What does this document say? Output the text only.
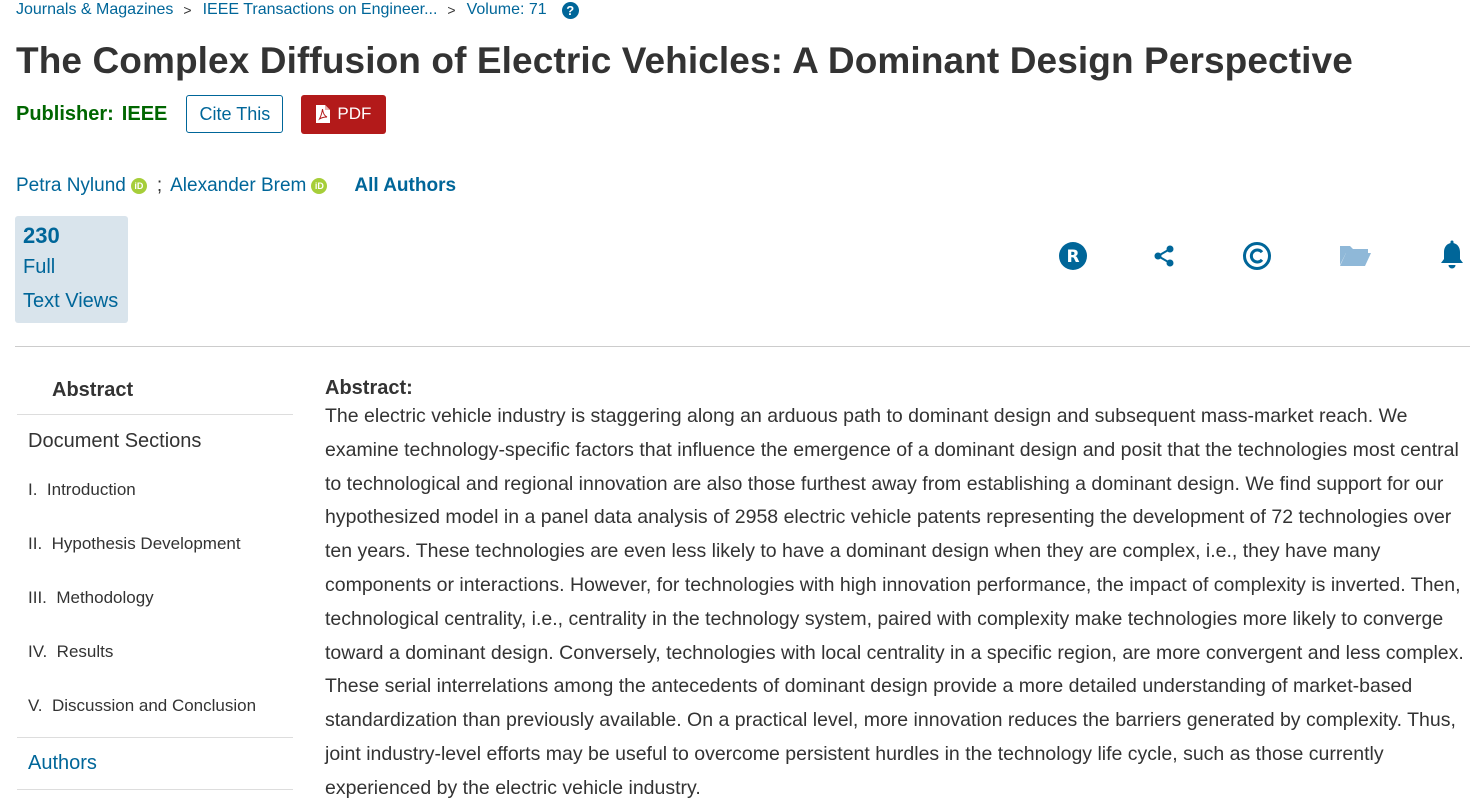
Journals & Magazines > IEEE Transactions on Engineer... > Volume: 71	?
The Complex Diffusion of Electric Vehicles: A Dominant Design Perspective
Publisher: IEEE	Cite This	PDF
Petra Nylund iD ; Alexander Brem iD All Authors
230
Full
Text Views
R
Abstract
Document Sections
I.  Introduction
II.  Hypothesis Development
III.  Methodology
IV.  Results
V.  Discussion and Conclusion
Authors
Abstract:

The electric vehicle industry is staggering along an arduous path to dominant design and subsequent mass-market reach. We examine technology-specific factors that influence the emergence of a dominant design and posit that the technologies most central to technological and regional innovation are also those furthest away from establishing a dominant design. We find support for our hypothesized model in a panel data analysis of 2958 electric vehicle patents representing the development of 72 technologies over ten years. These technologies are even less likely to have a dominant design when they are complex, i.e., they have many components or interactions. However, for technologies with high innovation performance, the impact of complexity is inverted. Then, technological centrality, i.e., centrality in the technology system, paired with complexity make technologies more likely to converge toward a dominant design. Conversely, technologies with local centrality in a specific region, are more convergent and less complex. These serial interrelations among the antecedents of dominant design provide a more detailed understanding of market-based standardization than previously available. On a practical level, more innovation reduces the barriers generated by complexity. Thus, joint industry-level efforts may be useful to overcome persistent hurdles in the technology life cycle, such as those currently experienced by the electric vehicle industry.
